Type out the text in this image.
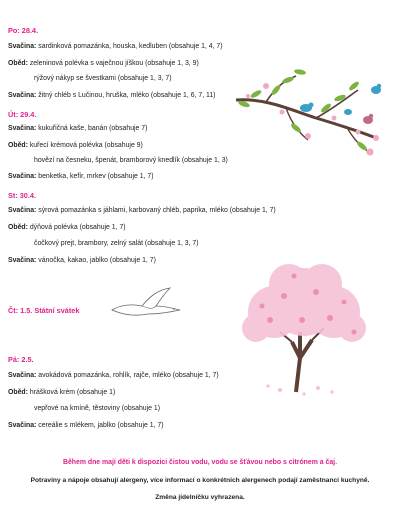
Po: 28.4.
Svačina: sardinková pomazánka, houska, kedluben (obsahuje 1, 4, 7)
Oběd: zeleninová polévka s vaječnou jíškou (obsahuje 1, 3, 9)
rýžový nákyp se švestkami (obsahuje 1, 3, 7)
Svačina: žitný chléb s Lučinou, hruška, mléko (obsahuje 1, 6, 7, 11)
Út: 29.4.
Svačina: kukuřičná kaše, banán (obsahuje 7)
Oběd: kuřecí krémová polévka (obsahuje 9)
hovězí na česneku, špenát, bramborový knedlík (obsahuje 1, 3)
Svačina: benketka, kefír, mrkev (obsahuje 1, 7)
St: 30.4.
Svačina: sýrová pomazánka s jáhlami, karbovaný chléb, paprika, mléko (obsahuje 1, 7)
Oběd: dýňová polévka (obsahuje 1, 7)
čočkový prejt, brambory, zelný salát (obsahuje 1, 3, 7)
Svačina: vánočka, kakao, jablko (obsahuje 1, 7)
Čt: 1.5. Státní svátek
Pá: 2.5.
Svačina: avokádová pomazánka, rohlík, rajče, mléko (obsahuje 1, 7)
Oběd: hrášková krém (obsahuje 1)
vepřové na kmíně, těstoviny (obsahuje 1)
Svačina: cereálie s mlékem, jablko (obsahuje 1, 7)
Během dne mají děti k dispozici čistou vodu, vodu se šťávou nebo s citrónem a čaj.
Potraviny a nápoje obsahují alergeny, více informací o konkrétních alergenech podají zaměstnanci kuchyně.
Změna jídelníčku vyhrazena.
